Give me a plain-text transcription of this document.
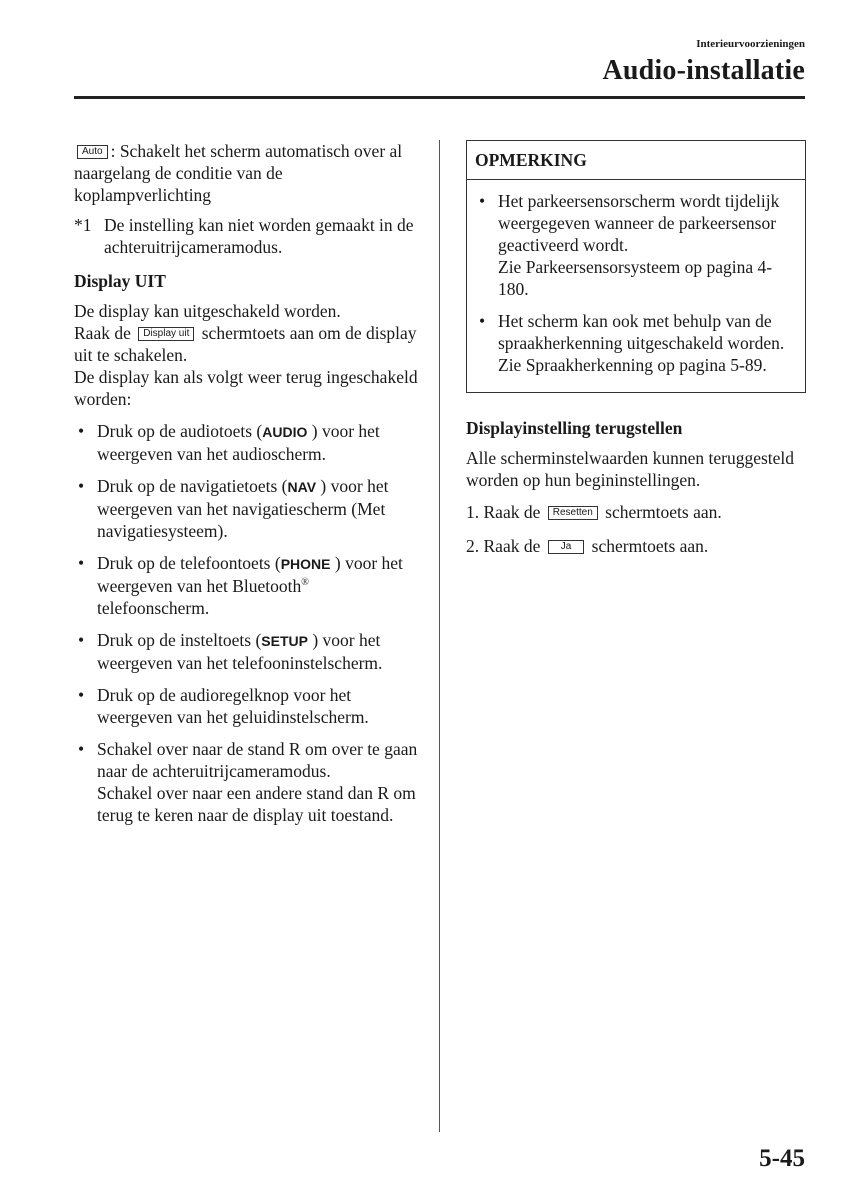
Interieurvoorzieningen
Audio-installatie

Auto : Schakelt het scherm automatisch over al naargelang de conditie van de koplampverlichting

*1 De instelling kan niet worden gemaakt in de achteruitrijcameramodus.

Display UIT

De display kan uitgeschakeld worden.
Raak de Display uit schermtoets aan om de display uit te schakelen.
De display kan als volgt weer terug ingeschakeld worden:

• Druk op de audiotoets (AUDIO ) voor het weergeven van het audioscherm.
• Druk op de navigatietoets (NAV ) voor het weergeven van het navigatiescherm (Met navigatiesysteem).
• Druk op de telefoontoets (PHONE ) voor het weergeven van het Bluetooth® telefoonscherm.
• Druk op de insteltoets (SETUP ) voor het weergeven van het telefooninstelscherm.
• Druk op de audioregelknop voor het weergeven van het geluidinstelscherm.
• Schakel over naar de stand R om over te gaan naar de achteruitrijcameramodus.
Schakel over naar een andere stand dan R om terug te keren naar de display uit toestand.
OPMERKING
• Het parkeersensorscherm wordt tijdelijk weergegeven wanneer de parkeersensor geactiveerd wordt.
Zie Parkeersensorsysteem op pagina 4-180.
• Het scherm kan ook met behulp van de spraakherkenning uitgeschakeld worden.
Zie Spraakherkenning op pagina 5-89.

Displayinstelling terugstellen

Alle scherminstelwaarden kunnen teruggesteld worden op hun begininstellingen.

1. Raak de Resetten schermtoets aan.

2. Raak de Ja schermtoets aan.

5-45
